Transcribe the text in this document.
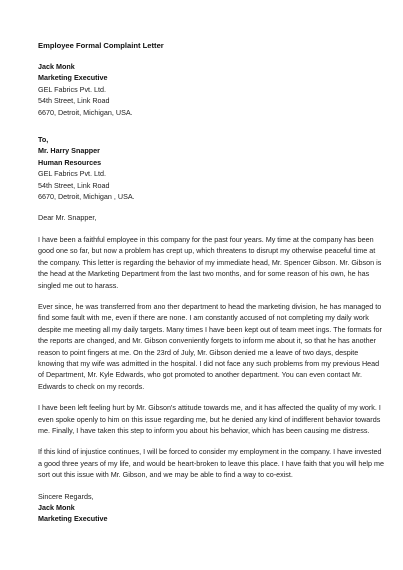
Employee Formal Complaint Letter
Jack Monk
Marketing Executive
GEL Fabrics Pvt. Ltd.
54th Street, Link Road
6670, Detroit, Michigan, USA.
To,
Mr. Harry Snapper
Human Resources
GEL Fabrics Pvt. Ltd.
54th Street, Link Road
6670, Detroit, Michigan , USA.
Dear Mr. Snapper,
I have been a faithful employee in this company for the past four years. My time at the company has been
good one so far, but now a problem has crept up, which threatens to disrupt my otherwise peaceful time at
the company. This letter is regarding the behavior of my immediate head, Mr. Spencer Gibson. Mr. Gibson is
the head at the Marketing Department from the last two months, and for some reason of his own, he has
singled me out to harass.
Ever since, he was transferred from ano ther department to head the marketing division, he has managed to
find some fault with me, even if there are none. I am constantly accused of not completing my daily work
despite me meeting all my daily targets. Many times I have been kept out of team meet ings. The formats for
the reports are changed, and Mr. Gibson conveniently forgets to inform me about it, so that he has another
reason to point fingers at me. On the 23rd of July, Mr. Gibson denied me a leave of two days, despite
knowing that my wife was admitted in the hospital. I did not face any such problems from my previous Head
of Department, Mr. Kyle Edwards, who got promoted to another department. You can even contact Mr.
Edwards to check on my records.
I have been left feeling hurt by Mr. Gibson's attitude towards me, and it has affected the quality of my work. I
even spoke openly to him on this issue regarding me, but he denied any kind of indifferent behavior towards
me. Finally, I have taken this step to inform you about his behavior, which has been causing me distress.
If this kind of injustice continues, I will be forced to consider my employment in the company. I have invested
a good three years of my life, and would be heart-broken to leave this place. I have faith that you will help me
sort out this issue with Mr. Gibson, and we may be able to find a way to co-exist.
Sincere Regards,
Jack Monk
Marketing Executive
